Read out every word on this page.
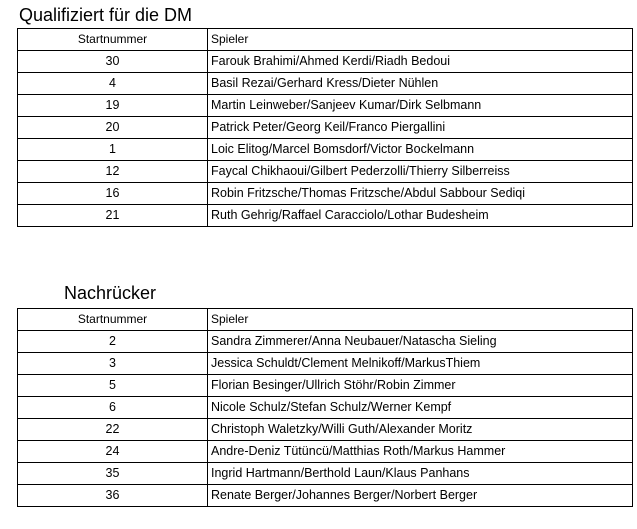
Qualifiziert für die DM
Startnummer	Spieler
30	Farouk Brahimi/Ahmed Kerdi/Riadh Bedoui
4	Basil Rezai/Gerhard Kress/Dieter Nühlen
19	Martin Leinweber/Sanjeev Kumar/Dirk Selbmann
20	Patrick Peter/Georg Keil/Franco Piergallini
1	Loic Elitog/Marcel Bomsdorf/Victor Bockelmann
12	Faycal Chikhaoui/Gilbert Pederzolli/Thierry Silberreiss
16	Robin Fritzsche/Thomas Fritzsche/Abdul Sabbour Sediqi
21	Ruth Gehrig/Raffael Caracciolo/Lothar Budesheim
Nachrücker
Startnummer	Spieler
2	Sandra Zimmerer/Anna Neubauer/Natascha Sieling
3	Jessica Schuldt/Clement Melnikoff/MarkusThiem
5	Florian Besinger/Ullrich Stöhr/Robin Zimmer
6	Nicole Schulz/Stefan Schulz/Werner Kempf
22	Christoph Waletzky/Willi Guth/Alexander Moritz
24	Andre-Deniz Tütüncü/Matthias Roth/Markus Hammer
35	Ingrid Hartmann/Berthold Laun/Klaus Panhans
36	Renate Berger/Johannes Berger/Norbert Berger
